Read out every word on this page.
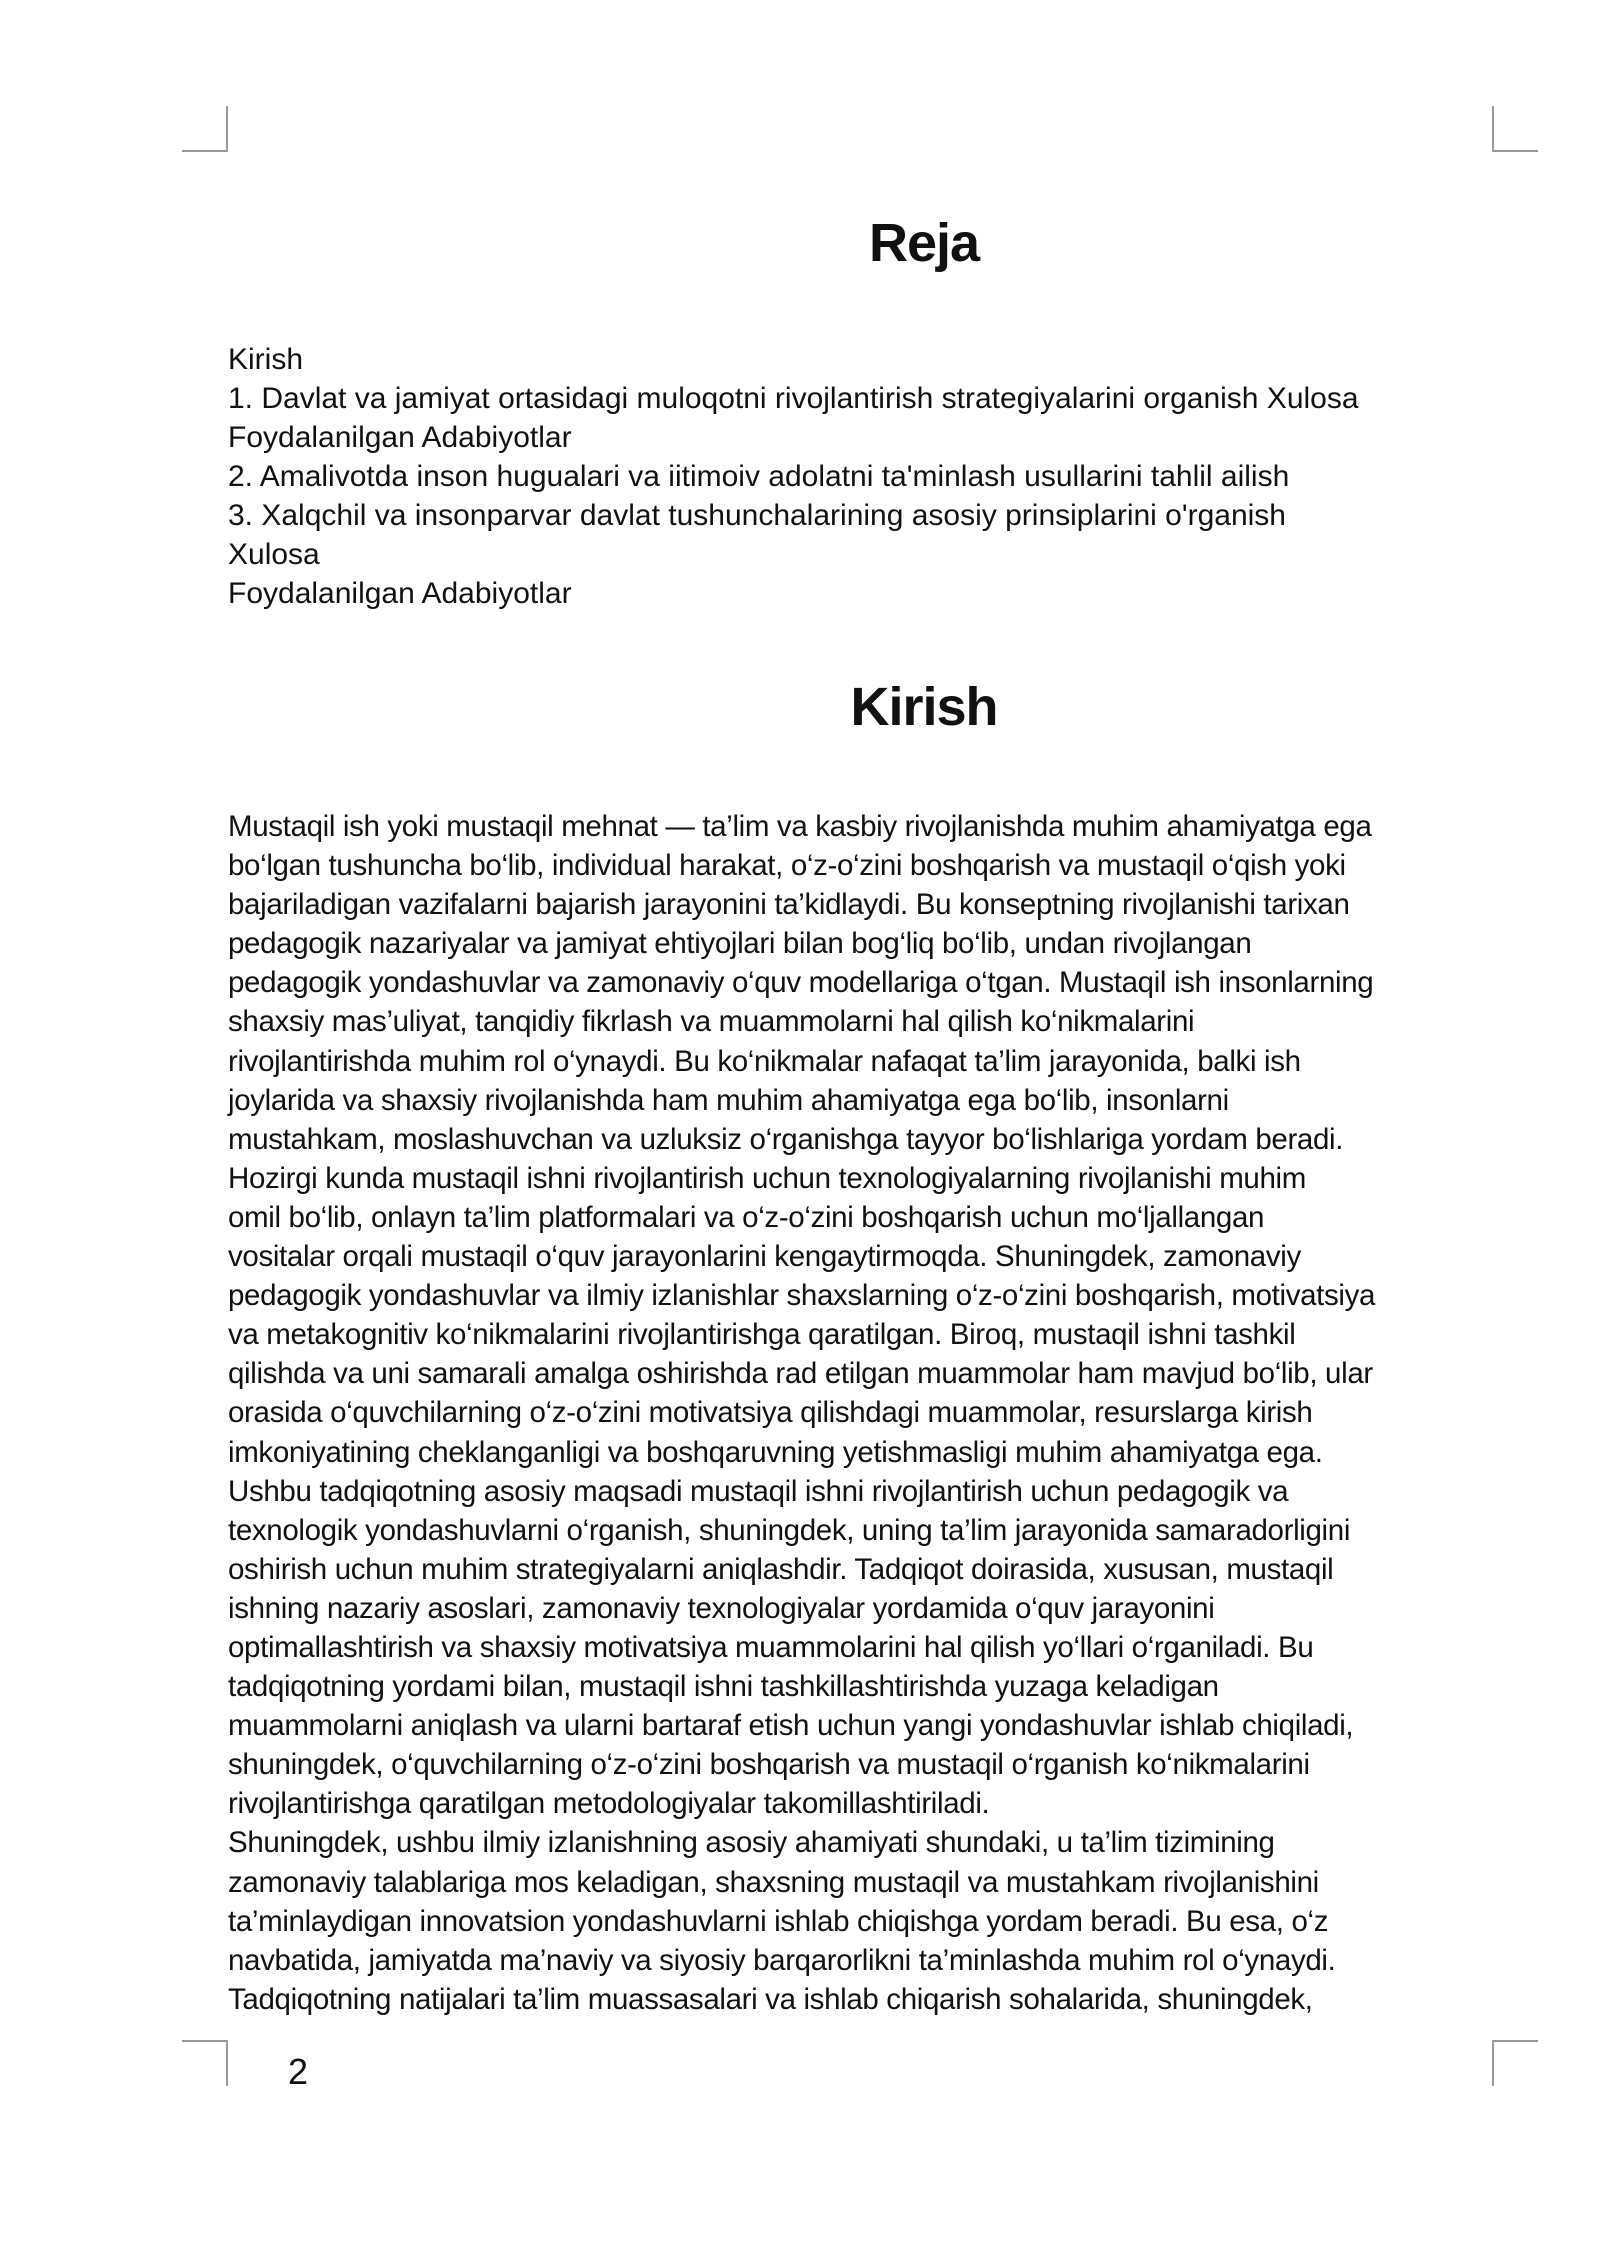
Reja
Kirish
1. Davlat va jamiyat ortasidagi muloqotni rivojlantirish strategiyalarini organish Xulosa
Foydalanilgan Adabiyotlar
2. Amalivotda inson hugualari va iitimoiv adolatni ta'minlash usullarini tahlil ailish
3. Xalqchil va insonparvar davlat tushunchalarining asosiy prinsiplarini o'rganish
Xulosa
Foydalanilgan Adabiyotlar
Kirish
Mustaqil ish yoki mustaqil mehnat — ta’lim va kasbiy rivojlanishda muhim ahamiyatga ega
bo‘lgan tushuncha bo‘lib, individual harakat, o‘z-o‘zini boshqarish va mustaqil o‘qish yoki
bajariladigan vazifalarni bajarish jarayonini ta’kidlaydi. Bu konseptning rivojlanishi tarixan
pedagogik nazariyalar va jamiyat ehtiyojlari bilan bog‘liq bo‘lib, undan rivojlangan
pedagogik yondashuvlar va zamonaviy o‘quv modellariga o‘tgan. Mustaqil ish insonlarning
shaxsiy mas’uliyat, tanqidiy fikrlash va muammolarni hal qilish ko‘nikmalarini
rivojlantirishda muhim rol o‘ynaydi. Bu ko‘nikmalar nafaqat ta’lim jarayonida, balki ish
joylarida va shaxsiy rivojlanishda ham muhim ahamiyatga ega bo‘lib, insonlarni
mustahkam, moslashuvchan va uzluksiz o‘rganishga tayyor bo‘lishlariga yordam beradi.
Hozirgi kunda mustaqil ishni rivojlantirish uchun texnologiyalarning rivojlanishi muhim
omil bo‘lib, onlayn ta’lim platformalari va o‘z-o‘zini boshqarish uchun mo‘ljallangan
vositalar orqali mustaqil o‘quv jarayonlarini kengaytirmoqda. Shuningdek, zamonaviy
pedagogik yondashuvlar va ilmiy izlanishlar shaxslarning o‘z-o‘zini boshqarish, motivatsiya
va metakognitiv ko‘nikmalarini rivojlantirishga qaratilgan. Biroq, mustaqil ishni tashkil
qilishda va uni samarali amalga oshirishda rad etilgan muammolar ham mavjud bo‘lib, ular
orasida o‘quvchilarning o‘z-o‘zini motivatsiya qilishdagi muammolar, resurslarga kirish
imkoniyatining cheklanganligi va boshqaruvning yetishmasligi muhim ahamiyatga ega.
Ushbu tadqiqotning asosiy maqsadi mustaqil ishni rivojlantirish uchun pedagogik va
texnologik yondashuvlarni o‘rganish, shuningdek, uning ta’lim jarayonida samaradorligini
oshirish uchun muhim strategiyalarni aniqlashdir. Tadqiqot doirasida, xususan, mustaqil
ishning nazariy asoslari, zamonaviy texnologiyalar yordamida o‘quv jarayonini
optimallashtirish va shaxsiy motivatsiya muammolarini hal qilish yo‘llari o‘rganiladi. Bu
tadqiqotning yordami bilan, mustaqil ishni tashkillashtirishda yuzaga keladigan
muammolarni aniqlash va ularni bartaraf etish uchun yangi yondashuvlar ishlab chiqiladi,
shuningdek, o‘quvchilarning o‘z-o‘zini boshqarish va mustaqil o‘rganish ko‘nikmalarini
rivojlantirishga qaratilgan metodologiyalar takomillashtiriladi.
Shuningdek, ushbu ilmiy izlanishning asosiy ahamiyati shundaki, u ta’lim tizimining
zamonaviy talablariga mos keladigan, shaxsning mustaqil va mustahkam rivojlanishini
ta’minlaydigan innovatsion yondashuvlarni ishlab chiqishga yordam beradi. Bu esa, o‘z
navbatida, jamiyatda ma’naviy va siyosiy barqarorlikni ta’minlashda muhim rol o‘ynaydi.
Tadqiqotning natijalari ta’lim muassasalari va ishlab chiqarish sohalarida, shuningdek,
2
